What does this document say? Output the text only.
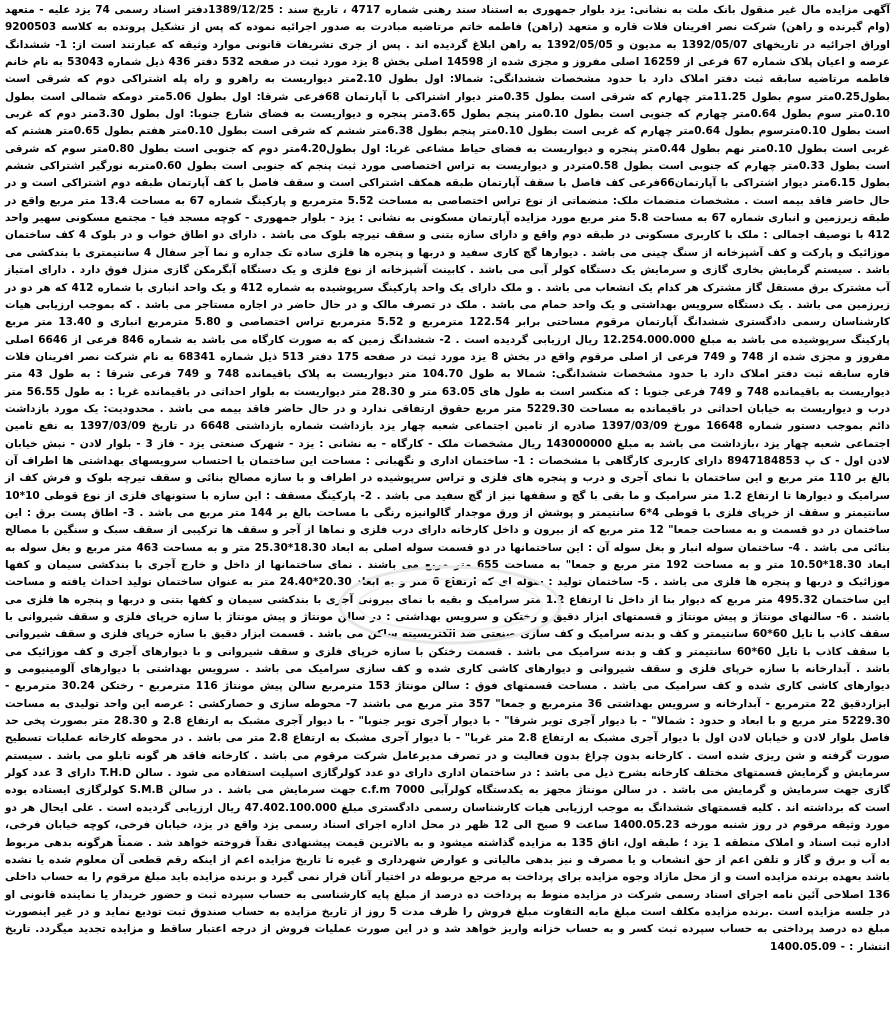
آگهی مزایده مال غیر منقول بانک ملت به نشانی: یزد بلوار جمهوری به استناد سند رهنی شماره 4717 ، تاریخ سند : 1389/12/25دفتر اسناد رسمی 74 یزد علیه - متعهد (وام گیرنده و راهن) شرکت نصر افرینان فلات قاره و متعهد (راهن) فاطمه خاتم مرتاضیه مبادرت به صدور اجرائیه نموده که پس از تشکیل پرونده به کلاسه 9200503 اوراق اجرائیه در تاریخهای 1392/05/07 به مدیون و 1392/05/05 به راهن ابلاغ گردیده اند . پس از جری تشریفات قانونی موارد وثیقه که عبارتند است از: 1- ششدانگ عرصه و اعیان پلاک شماره 67 فرعی از 16259 اصلی مفروز و مجزی شده از 14598 اصلی بخش 8 یزد مورد ثبت در صفحه 532 دفتر 436 ذیل شماره 53043 به نام خانم فاطمه مرتاضیه سابقه ثبت دفتر املاک دارد با حدود مشخصات ششدانگی: شمالا: اول بطول 2.10متر دیواریست به راهرو و راه پله اشتراکی دوم که شرقی است بطول0.25متر سوم بطول 11.25متر چهارم که شرقی است بطول 0.35متر دیوار اشتراکی با آپارتمان 68فرعی شرقا: اول بطول 5.06متر دومکه شمالی است بطول 0.10متر سوم بطول 0.64متر چهارم که جنوبی است بطول 0.10متر پنجم بطول 3.65متر پنجره و دیواریست به فضای شارع جنوبا: اول بطول 3.30متر دوم که غربی است بطول 0.10مترسوم بطول 0.64متر چهارم که غربی است بطول 0.10متر پنجم بطول 6.38متر ششم که شرقی است بطول 0.10متر هفتم بطول 0.65متر هشتم که غربی است بطول 0.10متر نهم بطول 0.44متر پنجره و دیواریست به فضای حیاط مشاعی غربا: اول بطول4.20متر دوم که جنوبی است بطول 0.80متر سوم که شرقی است بطول 0.33متر چهارم که جنوبی است بطول 0.58متردر و دیواریست به تراس اختصاصی مورد ثبت پنجم که جنوبی است بطول 0.60متربه نورگیر اشتراکی ششم بطول 6.15متر دیوار اشتراکی با آپارتمان66فرعی کف فاصل با سقف آپارتمان طبقه همکف اشتراکی است و سقف فاصل با کف آپارتمان طبقه دوم اشتراکی است و در حال حاضر فاقد بیمه است . مشخصات منضمات ملک: منضماتی از نوع تراس اختصاصی به مساحت 5.52 مترمربع و پارکینگ شماره 67 به مساحت 13.4 متر مربع واقع در طبقه زیرزمین و انباری شماره 67 به مساحت 5.8 متر مربع مورد مزایده آپارتمان مسکونی به نشانی : یزد - بلوار جمهوری - کوچه مسجد فیا - مجتمع مسکونی سهیر واحد 412 با توصیف اجمالی : ملک با کاربری مسکونی در طبقه دوم واقع و دارای سازه بتنی و سقف تیرچه بلوک می باشد . دارای دو اطاق خواب و در بلوک 4 کف ساختمان موزائیک و پارکت و کف آشپزخانه از سنگ چینی می باشد . دیوارها گچ کاری سفید و دربها و پنجره ها فلزی ساده تک جداره و نما آجر سفال 4 سانتیمتری با بندکشی می باشد . سیستم گرمایش بخاری گازی و سرمایش یک دستگاه کولر آبی می باشد . کابینت آشپزخانه از نوع فلزی و یک دستگاه آبگرمکن گازی منزل فوق دارد . دارای امتیاز آب مشترک برق مستقل گاز مشترک هر کدام یک انشعاب می باشد . و ملک دارای یک واحد پارکینگ سرپوشیده به شماره 412 و یک واحد انباری با شماره 412 که هر دو در زیرزمین می باشد . یک دستگاه سرویس بهداشتی و یک واحد حمام می باشد . ملک در تصرف مالک و در حال حاضر در اجاره مستاجر می باشد . که بموجب ارزیابی هیات کارشناسان رسمی دادگستری ششدانگ آپارتمان مرقوم مساحتی برابر 122.54 مترمربع و 5.52 مترمربع تراس اختصاصی و 5.80 مترمربع انباری و 13.40 متر مربع پارکینگ سرپوشیده می باشد به مبلغ 12.254.000.000 ریال ارزیابی گردیده است . 2- ششدانگ زمین که به صورت کارگاه می باشد به شماره 846 فرعی از 6646 اصلی مفروز و مجزی شده از 748 و 749 فرعی از اصلی مرقوم واقع در بخش 8 یزد مورد ثبت در صفحه 175 دفتر 513 ذیل شماره 68341 به نام شرکت نصر افرینان فلات قاره سابقه ثبت دفتر املاک دارد با حدود مشخصات ششدانگی: شمالا به طول 104.70 متر دیواریست به پلاک باقیمانده 748 و 749 فرعی شرقا : به طول 43 متر دیواریست به باقیمانده 748 و 749 فرعی جنوبا : که منکسر است به طول های 63.05 متر و 28.30 متر دیواریست به بلوار احداثی در باقیمانده غربا : به طول 56.55 متر درب و دیواریست به خیابان احداثی در باقیمانده به مساحت 5229.30 متر مربع حقوق ارتفاقی ندارد و در حال حاضر فاقد بیمه می باشد . محدودیت: یک مورد بازداشت دائم بموجب دستور شماره 16648 مورخ 1397/03/09 صادره از تامین اجتماعی شعبه چهار یزد بازداشت شماره بازداشتی 6648 در تاریخ 1397/03/09 به نفع تامین اجتماعی شعبه چهار یزد ،بازداشت می باشد به مبلغ 143000000 ریال مشخصات ملک - کارگاه - به نشانی : یزد - شهرک صنعتی یزد - فاز 3 - بلوار لادن - نبش خیابان لادن اول - ک پ 8947184853 دارای کاربری کارگاهی با مشخصات : 1- ساختمان اداری و نگهبانی : مساحت این ساختمان با احتساب سرویسهای بهداشتی ها اطراف آن بالغ بر 110 متر مربع و این ساختمان با نمای آجری و درب و پنجره های فلزی و تراس سرپوشیده در اطراف و با سازه مصالح بنائی و سقف تیرچه بلوک و فرش کف از سرامیک و دیوارها تا ارتفاع 1.2 متر سرامیک و ما بقی با گچ و سقفها نیز از گچ سفید می باشد . 2- پارکینگ مسقف : این سازه با ستونهای فلزی از نوع قوطی 10*10 سانتیمتر و سقف از خرپای فلزی با قوطی 4*6 سانتیمتر و پوشش از ورق موجدار گالوانیزه رنگی با مساحت بالغ بر 144 متر مربع می باشد . 3- اطاق پست برق : این ساختمان در دو قسمت و به مساحت جمعا" 12 متر مربع که از بیرون و داخل کارخانه دارای درب فلزی و نماها از آجر و سقف ها ترکیبی از سقف سبک و سنگین با مصالح بنائی می باشد . 4- ساختمان سوله انبار و بغل سوله آن : این ساختمانها در دو قسمت سوله اصلی به ابعاد 18.30*25.30 متر و به مساحت 463 متر مربع و بغل سوله به ابعاد 18.30*10.50 متر و به مساحت 192 متر مربع و جمعا" به مساحت 655 متر مربع می باشند . نمای ساختمانها از داخل و خارج آجری با بندکشی سیمان و کفها موزائیک و دربها و پنجره ها فلزی می باشد . 5- ساختمان تولید : سوله ای که ارتفاع 6 متر و به ابعاد 20.30*24.40 متر به عنوان ساختمان تولید احداث یافته و مساحت این ساختمان 495.32 متر مربع که دیوار بنا از داخل تا ارتفاع 1.2 متر سرامیک و بقیه با نمای بیرونی آجری با بندکشی سیمان و کفها بتنی و دربها و پنجره ها فلزی می باشند . 6- سالنهای مونتاژ و پیش مونتاژ و قسمتهای ابزار دقیق و رختکن و سرویس بهداشتی : در سالن مونتاژ و پیش مونتاژ با سازه خرپای فلزی و سقف شیروانی با سقف کاذب با تایل 60*60 سانتیمتر و کف و بدنه سرامیک و کف سازی صنعتی ضد الکتریسیته ساکن می باشد . قسمت ابزار دقیق با سازه خرپای فلزی و سقف شیروانی با سقف کاذب با تایل 60*60 سانتیمتر و کف و بدنه سرامیک می باشد . قسمت رختکن با سازه خرپای فلزی و سقف شیروانی و با دیوارهای آجری و کف موزائیک می باشد . آبدارخانه با سازه خرپای فلزی و سقف شیروانی و دیوارهای کاشی کاری شده و کف سازی سرامیک می باشد . سرویس بهداشتی با دیوارهای آلومینیومی و دیوارهای کاشی کاری شده و کف سرامیک می باشد . مساحت قسمتهای فوق : سالن مونتاژ 153 مترمربع سالن پیش مونتاژ 116 مترمربع - رختکن 30.24 مترمربع - ابزاردقیق 22 مترمربع - آبدارخانه و سرویس بهداشتی 36 مترمربع و جمعا" 357 متر مربع می باشند 7- محوطه سازی و حصارکشی : عرصه این واحد تولیدی به مساحت 5229.30 متر مربع و با ابعاد و حدود : شمالا" - با دیوار آجری تویر شرقا" - با دیوار آجری تویر جنوبا" - با دیوار آجری مشبک به ارتفاع 2.8 و 28.30 متر بصورت پخی حد فاصل بلوار لادن و خیابان لادن اول با دیوار آجری مشبک به ارتفاع 2.8 متر غربا" - با دیوار آجری مشبک به ارتفاع 2.8 متر می باشد . در محوطه کارخانه عملیات تسطیح صورت گرفته و شن ریزی شده است . کارخانه بدون چراغ بدون فعالیت و در تصرف مدیرعامل شرکت مرقوم می باشد . کارخانه فاقد هر گونه تابلو می باشد . سیستم سرمایش و گرمایش قسمتهای مختلف کارخانه بشرح ذیل می باشد : در ساختمان اداری دارای دو عدد کولرگازی اسپلیت استفاده می شود . سالن T.H.D دارای 3 عدد کولر گازی جهت سرمایش و گرمایش می باشد . در سالن مونتاژ مجهز به یکدستگاه کولرآبی c.f.m 7000 جهت سرمایش می باشد . در سالن S.M.B کولرگازی ایستاده بوده است که برداشته اند . کلیه قسمتهای ششدانگ به موجب ارزیابی هیات کارشناسان رسمی دادگستری مبلغ 47.402.100.000 ریال ارزیابی گردیده است . علی ایحال هر دو مورد وثیقه مرقوم در روز شنبه مورخه 1400.05.23 ساعت 9 صبح الی 12 ظهر در محل اداره اجرای اسناد رسمی یزد واقع در یزد، خیابان فرخی، کوچه خیابان فرخی، اداره ثبت اسناد و املاک منطقه 1 یزد ؛ طبقه اول، اتاق 135 به مزایده گذاشته میشود و به بالاترین قیمت پیشنهادی نقدآ فروخته خواهد شد . ضمناً هرگونه بدهی مربوط به آب و برق و گاز و تلفن اعم از حق انشعاب و یا مصرف و نیز بدهی مالیاتی و عوارض شهرداری و غیره تا تاریخ مزایده اعم از اینکه رقم قطعی آن معلوم شده یا نشده باشد بعهده برنده مزایده است و از محل مازاد وجوه مزایده برای پرداخت به مرجع مربوطه در اختیار آنان قرار نمی گیرد و برنده مزایده باید مبلغ مرقوم را به حساب داخلی 136 اصلاحی آئین نامه اجرای اسناد رسمی شرکت در مزایده منوط به پرداخت ده درصد از مبلغ پایه کارشناسی به حساب سپرده ثبت و حضور خریدار یا نماینده قانونی او در جلسه مزایده است .برنده مزایده مکلف است مبلغ مابه التفاوت مبلغ فروش را ظرف مدت 5 روز از تاریخ مزایده به حساب صندوق ثبت تودیع نماید و در غیر اینصورت مبلغ ده درصد پرداختی به حساب سپرده ثبت کسر و به حساب خزانه واریز خواهد شد و در این صورت عملیات فروش از درجه اعتبار ساقط و مزایده تجدید میگردد. تاریخ انتشار : - 1400.05.09
